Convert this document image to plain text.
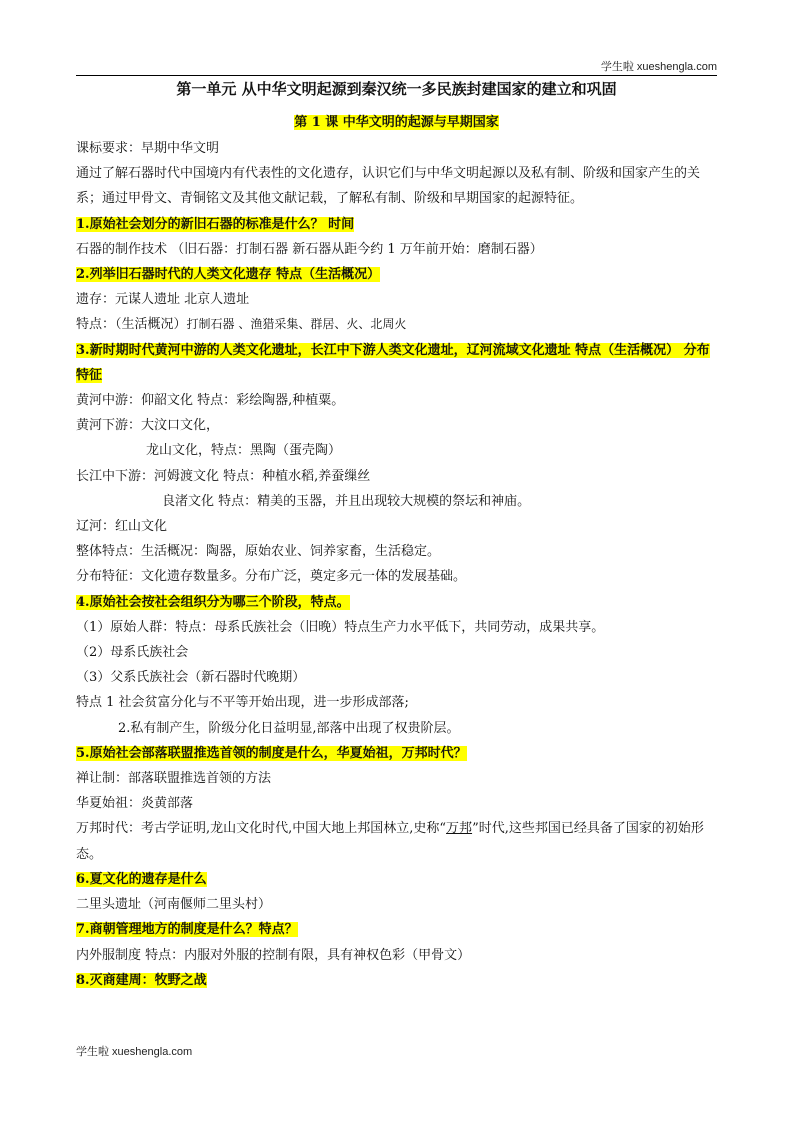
学生啦 xueshengla.com

第一单元 从中华文明起源到秦汉统一多民族封建国家的建立和巩固

第 1 课 中华文明的起源与早期国家

课标要求：早期中华文明

通过了解石器时代中国境内有代表性的文化遗存，认识它们与中华文明起源以及私有制、阶级和国家产生的关系；通过甲骨文、青铜铭文及其他文献记载，了解私有制、阶级和早期国家的起源特征。

1.原始社会划分的新旧石器的标准是什么？ 时间

石器的制作技术 （旧石器：打制石器 新石器从距今约 1 万年前开始：磨制石器）

2.列举旧石器时代的人类文化遗存 特点（生活概况）

遗存：元谋人遗址 北京人遗址

特点：（生活概况）打制石器 、渔猎采集、群居、火、北周火

3.新时期时代黄河中游的人类文化遗址，长江中下游人类文化遗址，辽河流域文化遗址 特点（生活概况） 分布特征

黄河中游：仰韶文化 特点：彩绘陶器,种植粟。

黄河下游：大汶口文化，

龙山文化，特点：黑陶（蛋壳陶）

长江中下游：河姆渡文化 特点：种植水稻,养蚕缫丝

良渚文化 特点：精美的玉器，并且出现较大规模的祭坛和神庙。

辽河：红山文化

整体特点：生活概况：陶器，原始农业、饲养家畜，生活稳定。

分布特征：文化遗存数量多。分布广泛，奠定多元一体的发展基础。

4.原始社会按社会组织分为哪三个阶段，特点。

（1）原始人群：特点：母系氏族社会（旧晚）特点生产力水平低下，共同劳动，成果共享。

（2）母系氏族社会

（3）父系氏族社会（新石器时代晚期）

特点 1 社会贫富分化与不平等开始出现，进一步形成部落;

2.私有制产生，阶级分化日益明显,部落中出现了权贵阶层。

5.原始社会部落联盟推选首领的制度是什么，华夏始祖，万邦时代？

禅让制：部落联盟推选首领的方法

华夏始祖：炎黄部落

万邦时代：考古学证明,龙山文化时代,中国大地上邦国林立,史称“万邦”时代,这些邦国已经具备了国家的初始形态。

6.夏文化的遗存是什么

二里头遗址（河南偃师二里头村）

7.商朝管理地方的制度是什么？特点？

内外服制度 特点：内服对外服的控制有限，具有神权色彩（甲骨文）

8.灭商建周：牧野之战

学生啦 xueshengla.com
